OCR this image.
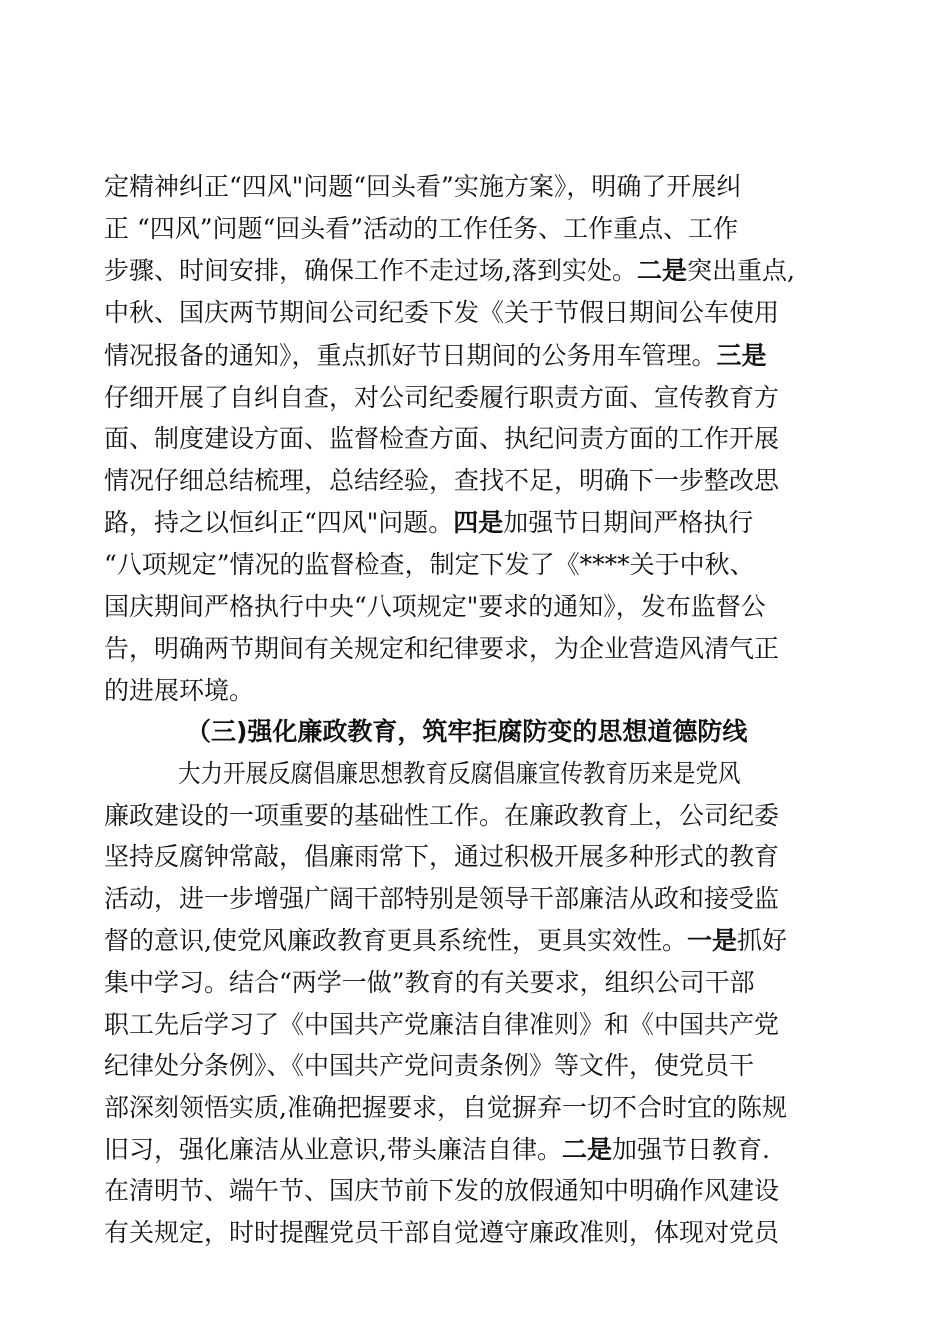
定精神纠正“四风"问题“回头看”实施方案》，明确了开展纠
正 “四风”问题“回头看”活动的工作任务、工作重点、工作
步骤、时间安排，确保工作不走过场,落到实处。二是突出重点,
中秋、国庆两节期间公司纪委下发《关于节假日期间公车使用
情况报备的通知》，重点抓好节日期间的公务用车管理。三是
仔细开展了自纠自查，对公司纪委履行职责方面、宣传教育方
面、制度建设方面、监督检查方面、执纪问责方面的工作开展
情况仔细总结梳理，总结经验，查找不足，明确下一步整改思
路，持之以恒纠正“四风"问题。四是加强节日期间严格执行
“八项规定”情况的监督检查，制定下发了《****关于中秋、
国庆期间严格执行中央“八项规定"要求的通知》，发布监督公
告，明确两节期间有关规定和纪律要求，为企业营造风清气正
的进展环境。
（三)强化廉政教育，筑牢拒腐防变的思想道德防线
大力开展反腐倡廉思想教育反腐倡廉宣传教育历来是党风
廉政建设的一项重要的基础性工作。在廉政教育上，公司纪委
坚持反腐钟常敲，倡廉雨常下，通过积极开展多种形式的教育
活动，进一步增强广阔干部特别是领导干部廉洁从政和接受监
督的意识,使党风廉政教育更具系统性，更具实效性。一是抓好
集中学习。结合“两学一做”教育的有关要求，组织公司干部
职工先后学习了《中国共产党廉洁自律准则》和《中国共产党
纪律处分条例》、《中国共产党问责条例》等文件，使党员干
部深刻领悟实质,准确把握要求，自觉摒弃一切不合时宜的陈规
旧习，强化廉洁从业意识,带头廉洁自律。二是加强节日教育.
在清明节、端午节、国庆节前下发的放假通知中明确作风建设
有关规定，时时提醒党员干部自觉遵守廉政准则，体现对党员
